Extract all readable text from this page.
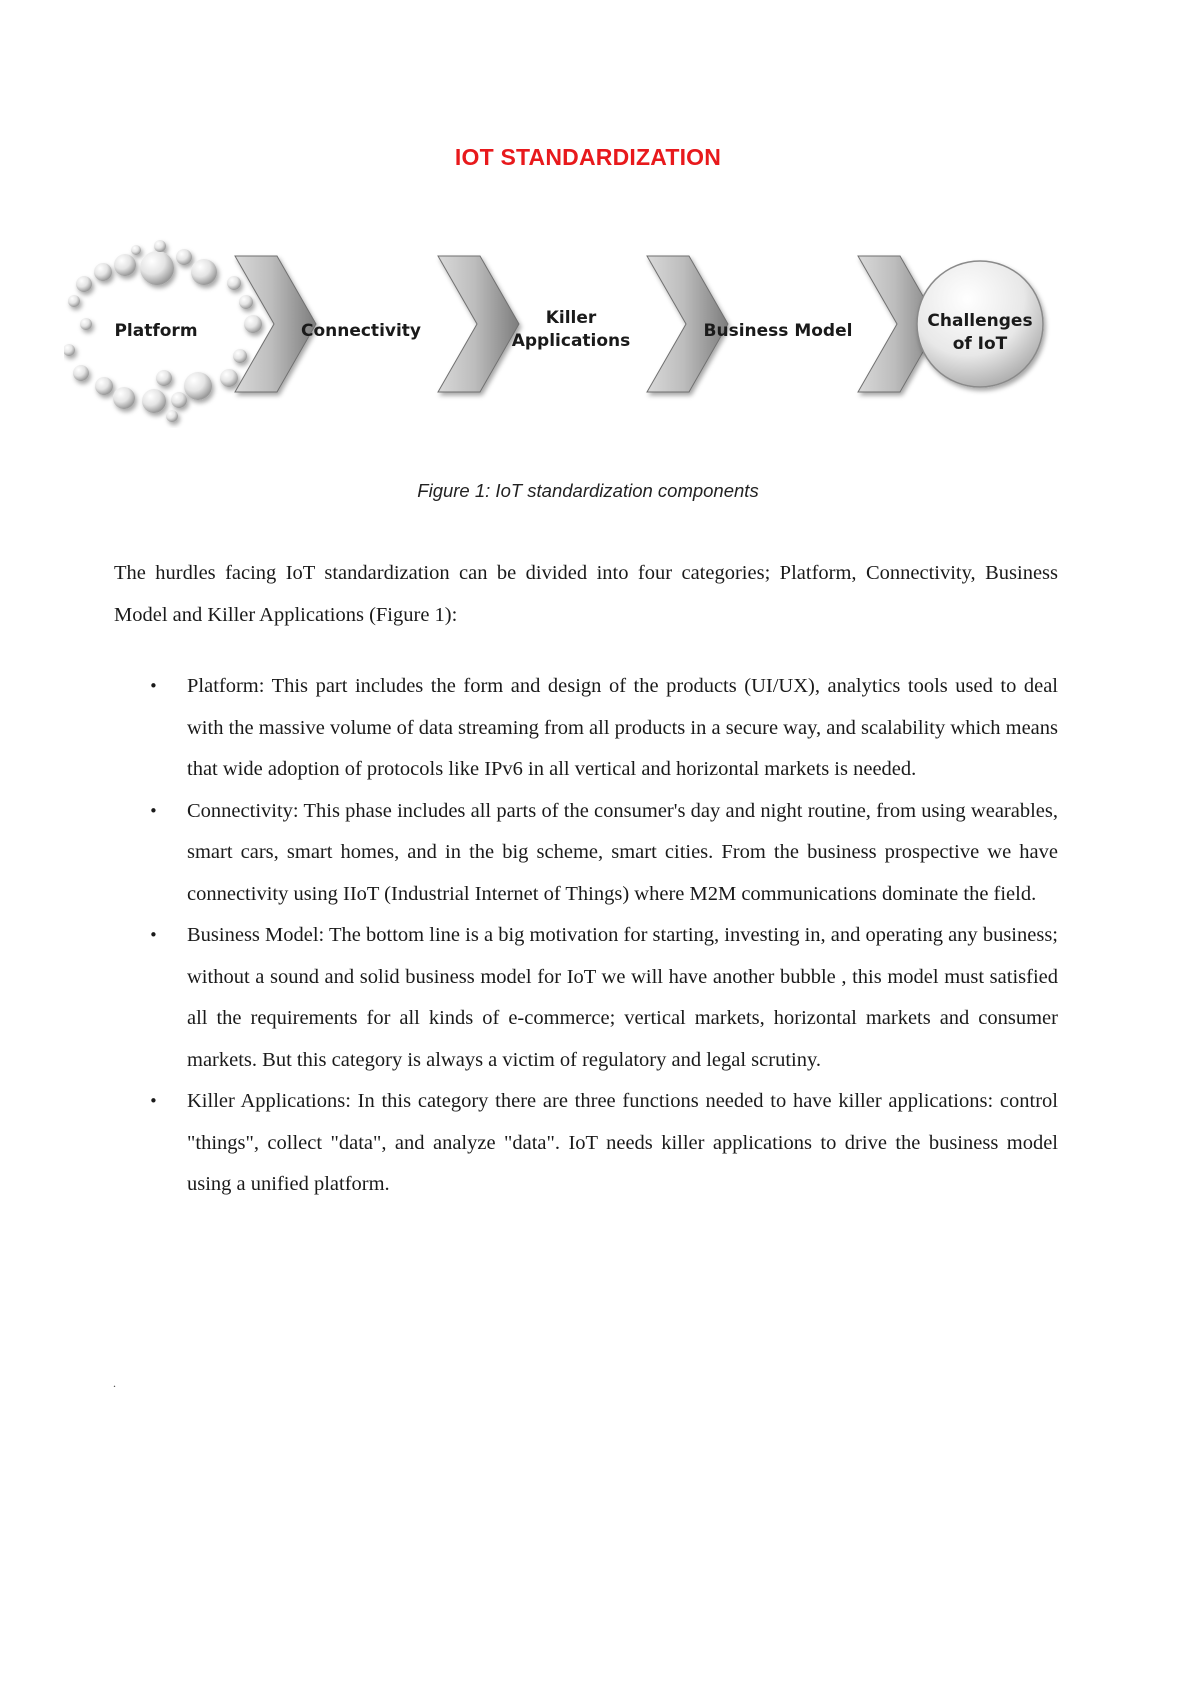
IOT STANDARDIZATION
Platform	Connectivity
Killer
Applications	Business Model	Challenges
of IoT
Figure 1: IoT standardization components

The hurdles facing IoT standardization can be divided into four categories; Platform, Connectivity, Business Model and Killer Applications (Figure 1):

• Platform: This part includes the form and design of the products (UI/UX), analytics tools used to deal with the massive volume of data streaming from all products in a secure way, and scalability which means that wide adoption of protocols like IPv6 in all vertical and horizontal markets is needed.
• Connectivity: This phase includes all parts of the consumer's day and night routine, from using wearables, smart cars, smart homes, and in the big scheme, smart cities. From the business prospective we have connectivity using IIoT (Industrial Internet of Things) where M2M communications dominate the field.
• Business Model: The bottom line is a big motivation for starting, investing in, and operating any business; without a sound and solid business model for IoT we will have another bubble , this model must satisfied all the requirements for all kinds of e-commerce; vertical markets, horizontal markets and consumer markets. But this category is always a victim of regulatory and legal scrutiny.
• Killer Applications: In this category there are three functions needed to have killer applications: control "things", collect "data", and analyze "data". IoT needs killer applications to drive the business model using a unified platform.
.
